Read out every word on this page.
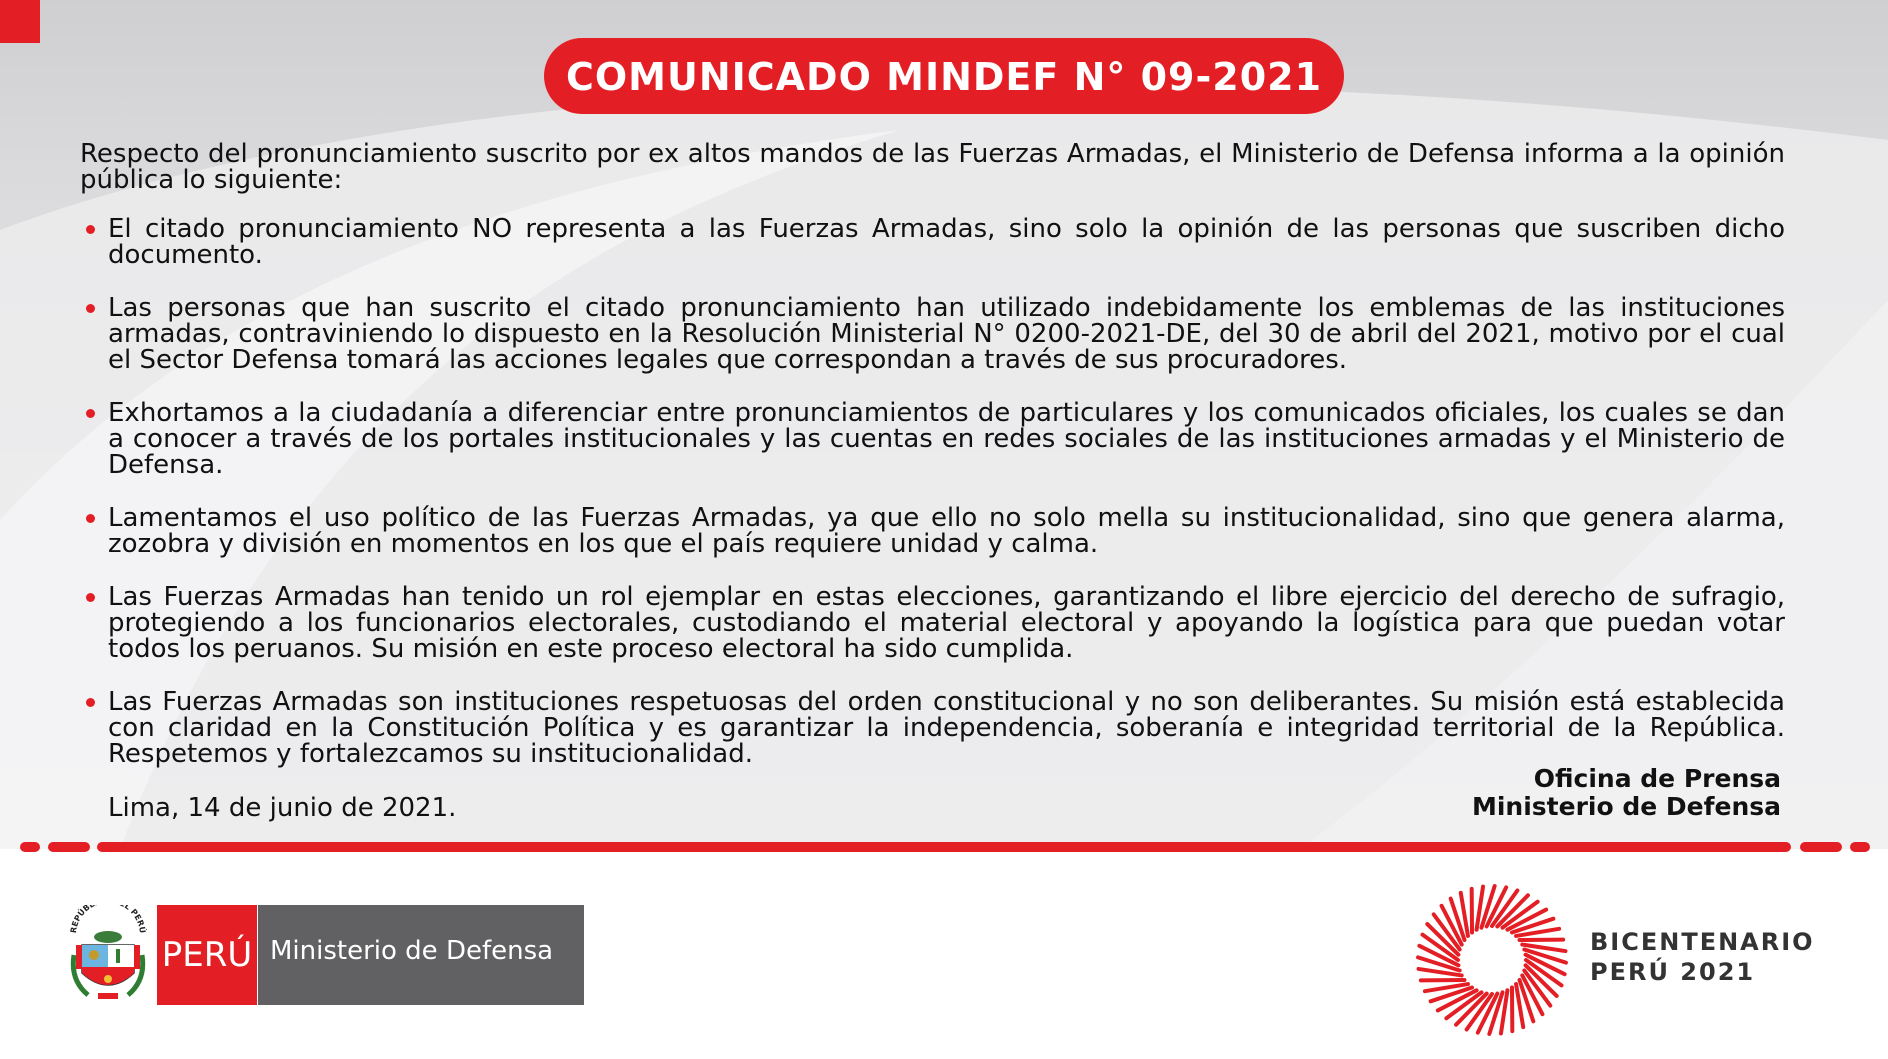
COMUNICADO MINDEF N° 09-2021
Respecto del pronunciamiento suscrito por ex altos mandos de las Fuerzas Armadas, el Ministerio de Defensa informa a la opinión pública lo siguiente:
El citado pronunciamiento NO representa a las Fuerzas Armadas, sino solo la opinión de las personas que suscriben dicho documento.
Las personas que han suscrito el citado pronunciamiento han utilizado indebidamente los emblemas de las instituciones armadas, contraviniendo lo dispuesto en la Resolución Ministerial N° 0200-2021-DE, del 30 de abril del 2021, motivo por el cual el Sector Defensa tomará las acciones legales que correspondan a través de sus procuradores.
Exhortamos a la ciudadanía a diferenciar entre pronunciamientos de particulares y los comunicados oficiales, los cuales se dan a conocer a través de los portales institucionales y las cuentas en redes sociales de las instituciones armadas y el Ministerio de Defensa.
Lamentamos el uso político de las Fuerzas Armadas, ya que ello no solo mella su institucionalidad, sino que genera alarma, zozobra y división en momentos en los que el país requiere unidad y calma.
Las Fuerzas Armadas han tenido un rol ejemplar en estas elecciones, garantizando el libre ejercicio del derecho de sufragio, protegiendo a los funcionarios electorales, custodiando el material electoral y apoyando la logística para que puedan votar todos los peruanos. Su misión en este proceso electoral ha sido cumplida.
Las Fuerzas Armadas son instituciones respetuosas del orden constitucional y no son deliberantes. Su misión está establecida con claridad en la Constitución Política y es garantizar la independencia, soberanía e integridad territorial de la República. Respetemos y fortalezcamos su institucionalidad.
Oficina de Prensa
Ministerio de Defensa
Lima, 14 de junio de 2021.
REPÚB L PERÚ
PERÚ Ministerio de Defensa	BICENTENARIO
PERÚ 2021
